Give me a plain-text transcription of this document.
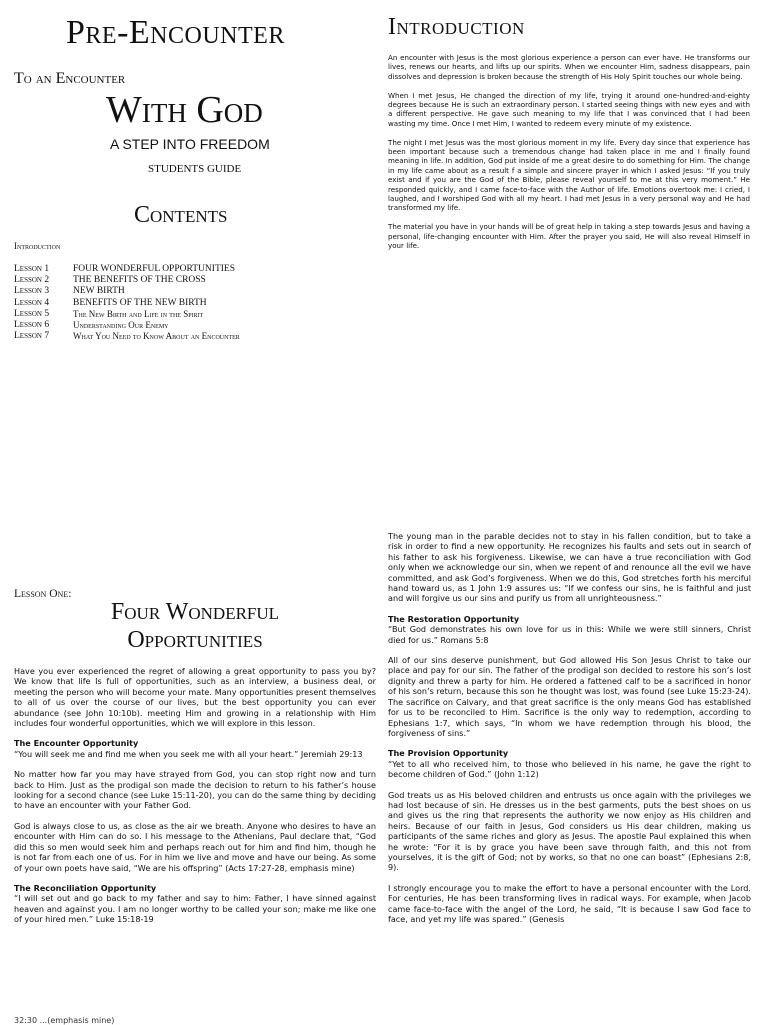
Pre-Encounter
To an Encounter
With God
A STEP INTO FREEDOM
STUDENTS GUIDE
Contents
Introduction
Lesson 1	FOUR WONDERFUL OPPORTUNITIES
Lesson 2	THE BENEFITS OF THE CROSS
Lesson 3	NEW BIRTH
Lesson 4	BENEFITS OF THE NEW BIRTH
Lesson 5	The New Birth and Life in the Spirit
Lesson 6	Understanding Our Enemy
Lesson 7	What You Need to Know About an Encounter
Introduction

An encounter with Jesus is the most glorious experience a person can ever have. He transforms our lives, renews our hearts, and lifts up our spirits. When we encounter Him, sadness disappears, pain dissolves and depression is broken because the strength of His Holy Spirit touches our whole being.

When I met Jesus, He changed the direction of my life, trying it around one-hundred-and-eighty degrees because He is such an extraordinary person. I started seeing things with new eyes and with a different perspective. He gave such meaning to my life that I was convinced that I had been wasting my time. Once I met Him, I wanted to redeem every minute of my existence.

The night I met Jesus was the most glorious moment in my life. Every day since that experience has been important because such a tremendous change had taken place in me and I finally found meaning in life. In addition, God put inside of me a great desire to do something for Him. The change in my life came about as a result f a simple and sincere prayer in which I asked Jesus: “If you truly exist and if you are the God of the Bible, please reveal yourself to me at this very moment.” He responded quickly, and I came face-to-face with the Author of life. Emotions overtook me: I cried, I laughed, and I worshiped God with all my heart. I had met Jesus in a very personal way and He had transformed my life.

The material you have in your hands will be of great help in taking a step towards Jesus and having a personal, life-changing encounter with Him. After the prayer you said, He will also reveal Himself in your life.

Lesson One:
Four Wonderful
Opportunities

Have you ever experienced the regret of allowing a great opportunity to pass you by? We know that life Is full of opportunities, such as an interview, a business deal, or meeting the person who will become your mate. Many opportunities present themselves to all of us over the course of our lives, but the best opportunity you can ever abundance (see John 10:10b). meeting Him and growing in a relationship with Him includes four wonderful opportunities, which we will explore in this lesson.

The Encounter Opportunity

“You will seek me and find me when you seek me with all your heart.” Jeremiah 29:13

No matter how far you may have strayed from God, you can stop right now and turn back to Him. Just as the prodigal son made the decision to return to his father’s house looking for a second chance (see Luke 15:11-20), you can do the same thing by deciding to have an encounter with your Father God.

God is always close to us, as close as the air we breath. Anyone who desires to have an encounter with Him can do so. I his message to the Athenians, Paul declare that, “God did this so men would seek him and perhaps reach out for him and find him, though he is not far from each one of us. For in him we live and move and have our being. As some of your own poets have said, “We are his offspring” (Acts 17:27-28, emphasis mine)

The Reconciliation Opportunity

“I will set out and go back to my father and say to him: Father, I have sinned against heaven and against you. I am no longer worthy to be called your son; make me like one of your hired men.” Luke 15:18-19

The young man in the parable decides not to stay in his fallen condition, but to take a risk in order to find a new opportunity. He recognizes his faults and sets out in search of his father to ask his forgiveness. Likewise, we can have a true reconciliation with God only when we acknowledge our sin, when we repent of and renounce all the evil we have committed, and ask God’s forgiveness. When we do this, God stretches forth his merciful hand toward us, as 1 John 1:9 assures us: “If we confess our sins, he is faithful and just and will forgive us our sins and purify us from all unrighteousness.”

The Restoration Opportunity

“But God demonstrates his own love for us in this: While we were still sinners, Christ died for us.” Romans 5:8

All of our sins deserve punishment, but God allowed His Son Jesus Christ to take our place and pay for our sin. The father of the prodigal son decided to restore his son’s lost dignity and threw a party for him. He ordered a fattened calf to be a sacrificed in honor of his son’s return, because this son he thought was lost, was found (see Luke 15:23-24). The sacrifice on Calvary, and that great sacrifice is the only means God has established for us to be reconciled to Him. Sacrifice is the only way to redemption, according to Ephesians 1:7, which says, “In whom we have redemption through his blood, the forgiveness of sins.”

The Provision Opportunity

“Yet to all who received him, to those who believed in his name, he gave the right to become children of God.” (John 1:12)

God treats us as His beloved children and entrusts us once again with the privileges we had lost because of sin. He dresses us in the best garments, puts the best shoes on us and gives us the ring that represents the authority we now enjoy as His children and heirs. Because of our faith in Jesus, God considers us His dear children, making us participants of the same riches and glory as Jesus. The apostle Paul explained this when he wrote: “For it is by grace you have been save through faith, and this not from yourselves, it is the gift of God; not by works, so that no one can boast” (Ephesians 2:8, 9).

I strongly encourage you to make the effort to have a personal encounter with the Lord. For centuries, He has been transforming lives in radical ways. For example, when Jacob came face-to-face with the angel of the Lord, he said, “It is because I saw God face to face, and yet my life was spared.” (Genesis

32:30 ...(emphasis mine)
